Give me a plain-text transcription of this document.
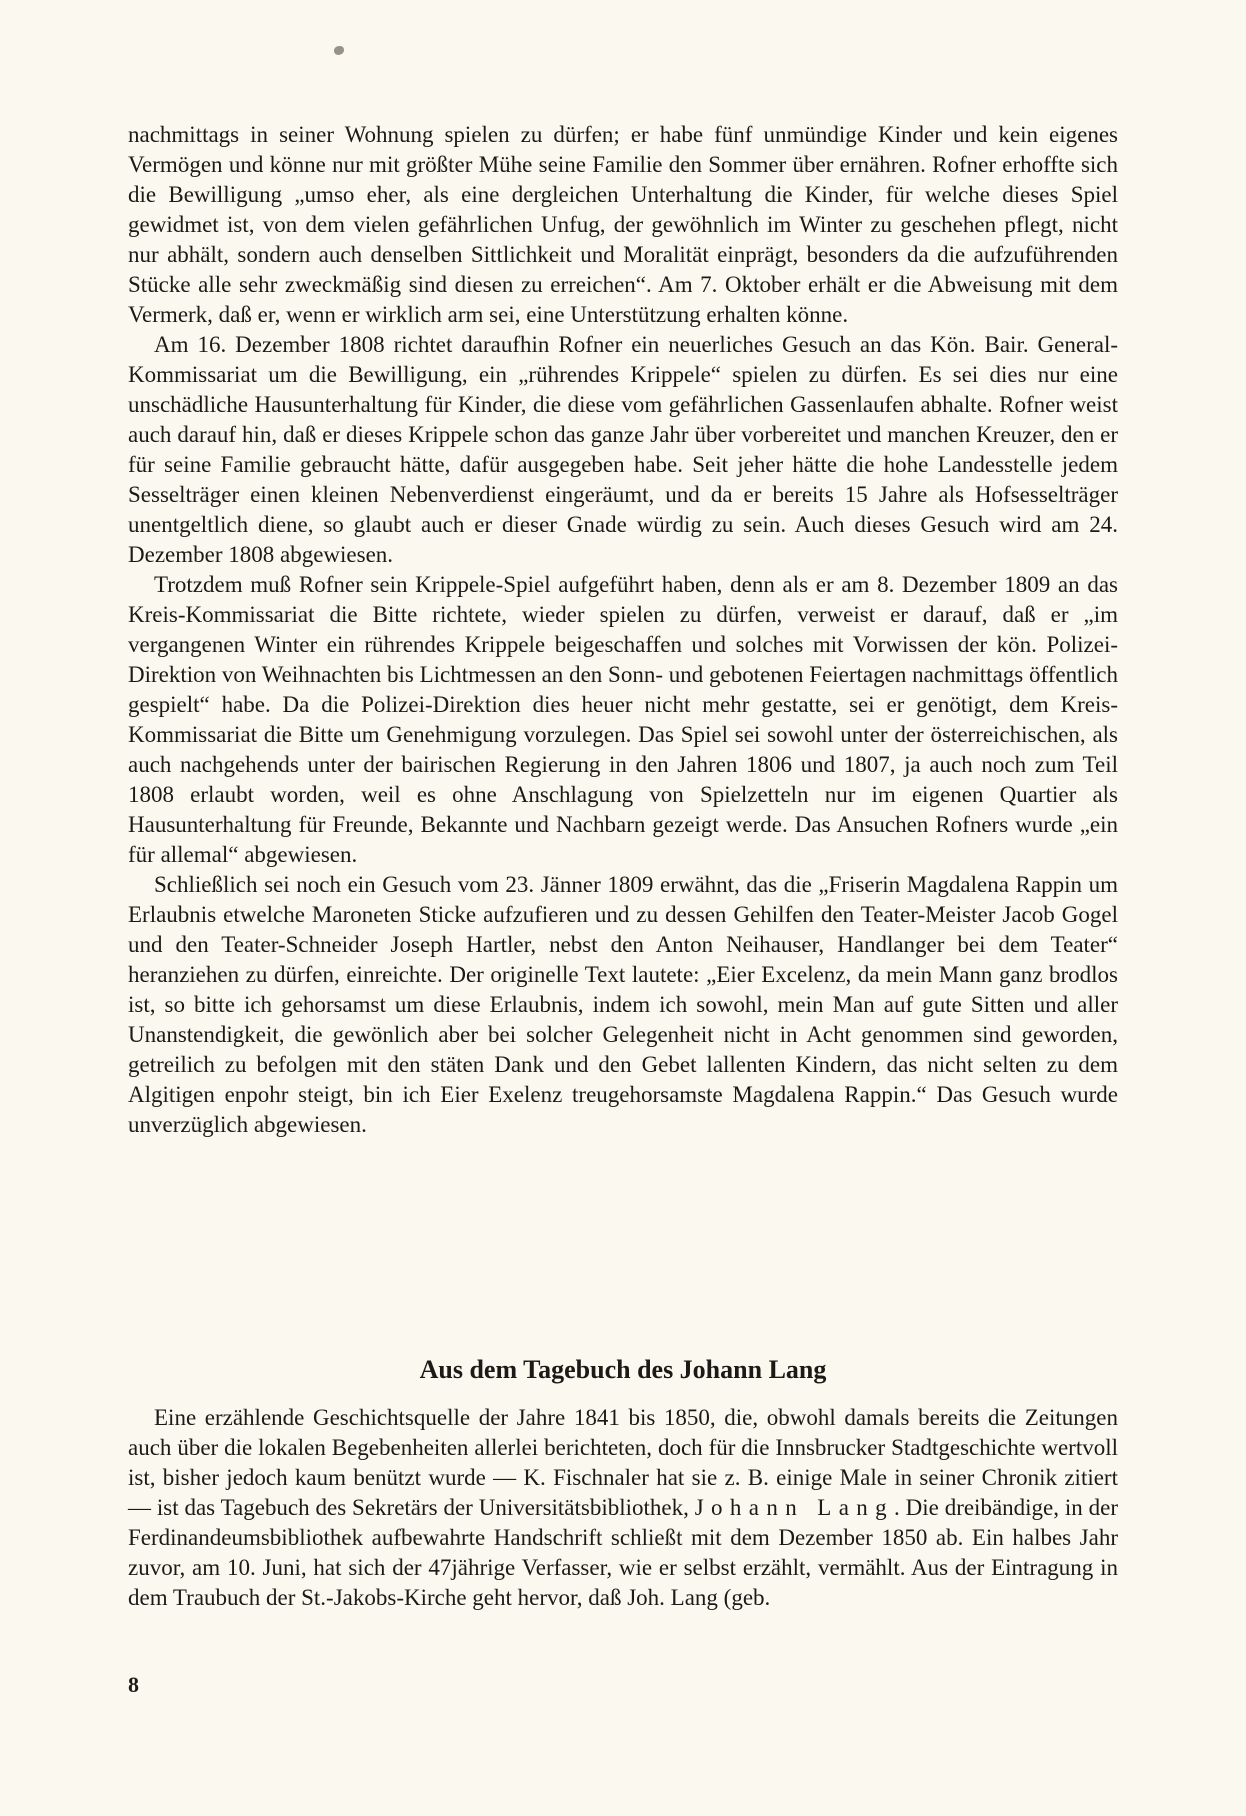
nachmittags in seiner Wohnung spielen zu dürfen; er habe fünf unmündige Kinder und kein eigenes Vermögen und könne nur mit größter Mühe seine Familie den Sommer über ernähren. Rofner erhoffte sich die Bewilligung „umso eher, als eine dergleichen Unterhaltung die Kinder, für welche dieses Spiel gewidmet ist, von dem vielen gefährlichen Unfug, der gewöhnlich im Winter zu geschehen pflegt, nicht nur abhält, sondern auch denselben Sittlichkeit und Moralität einprägt, besonders da die aufzuführenden Stücke alle sehr zweckmäßig sind diesen zu erreichen“. Am 7. Oktober erhält er die Abweisung mit dem Vermerk, daß er, wenn er wirklich arm sei, eine Unterstützung erhalten könne.

Am 16. Dezember 1808 richtet daraufhin Rofner ein neuerliches Gesuch an das Kön. Bair. General-Kommissariat um die Bewilligung, ein „rührendes Krippele“ spielen zu dürfen. Es sei dies nur eine unschädliche Hausunterhaltung für Kinder, die diese vom gefährlichen Gassenlaufen abhalte. Rofner weist auch darauf hin, daß er dieses Krippele schon das ganze Jahr über vorbereitet und manchen Kreuzer, den er für seine Familie gebraucht hätte, dafür ausgegeben habe. Seit jeher hätte die hohe Landesstelle jedem Sesselträger einen kleinen Nebenverdienst eingeräumt, und da er bereits 15 Jahre als Hofsesselträger unentgeltlich diene, so glaubt auch er dieser Gnade würdig zu sein. Auch dieses Gesuch wird am 24. Dezember 1808 abgewiesen.

Trotzdem muß Rofner sein Krippele-Spiel aufgeführt haben, denn als er am 8. Dezember 1809 an das Kreis-Kommissariat die Bitte richtete, wieder spielen zu dürfen, verweist er darauf, daß er „im vergangenen Winter ein rührendes Krippele beigeschaffen und solches mit Vorwissen der kön. Polizei-Direktion von Weihnachten bis Lichtmessen an den Sonn- und gebotenen Feiertagen nachmittags öffentlich gespielt“ habe. Da die Polizei-Direktion dies heuer nicht mehr gestatte, sei er genötigt, dem Kreis-Kommissariat die Bitte um Genehmigung vorzulegen. Das Spiel sei sowohl unter der österreichischen, als auch nachgehends unter der bairischen Regierung in den Jahren 1806 und 1807, ja auch noch zum Teil 1808 erlaubt worden, weil es ohne Anschlagung von Spielzetteln nur im eigenen Quartier als Hausunterhaltung für Freunde, Bekannte und Nachbarn gezeigt werde. Das Ansuchen Rofners wurde „ein für allemal“ abgewiesen.

Schließlich sei noch ein Gesuch vom 23. Jänner 1809 erwähnt, das die „Friserin Magdalena Rappin um Erlaubnis etwelche Maroneten Sticke aufzufieren und zu dessen Gehilfen den Teater-Meister Jacob Gogel und den Teater-Schneider Joseph Hartler, nebst den Anton Neihauser, Handlanger bei dem Teater“ heranziehen zu dürfen, einreichte. Der originelle Text lautete: „Eier Excelenz, da mein Mann ganz brodlos ist, so bitte ich gehorsamst um diese Erlaubnis, indem ich sowohl, mein Man auf gute Sitten und aller Unanstendigkeit, die gewönlich aber bei solcher Gelegenheit nicht in Acht genommen sind geworden, getreilich zu befolgen mit den stäten Dank und den Gebet lallenten Kindern, das nicht selten zu dem Algitigen enpohr steigt, bin ich Eier Exelenz treugehorsamste Magdalena Rappin.“ Das Gesuch wurde unverzüglich abgewiesen.

Aus dem Tagebuch des Johann Lang

Eine erzählende Geschichtsquelle der Jahre 1841 bis 1850, die, obwohl damals bereits die Zeitungen auch über die lokalen Begebenheiten allerlei berichteten, doch für die Innsbrucker Stadtgeschichte wertvoll ist, bisher jedoch kaum benützt wurde — K. Fischnaler hat sie z. B. einige Male in seiner Chronik zitiert — ist das Tagebuch des Sekretärs der Universitätsbibliothek, Johann Lang. Die dreibändige, in der Ferdinandeumsbibliothek aufbewahrte Handschrift schließt mit dem Dezember 1850 ab. Ein halbes Jahr zuvor, am 10. Juni, hat sich der 47jährige Verfasser, wie er selbst erzählt, vermählt. Aus der Eintragung in dem Traubuch der St.-Jakobs-Kirche geht hervor, daß Joh. Lang (geb.

8
